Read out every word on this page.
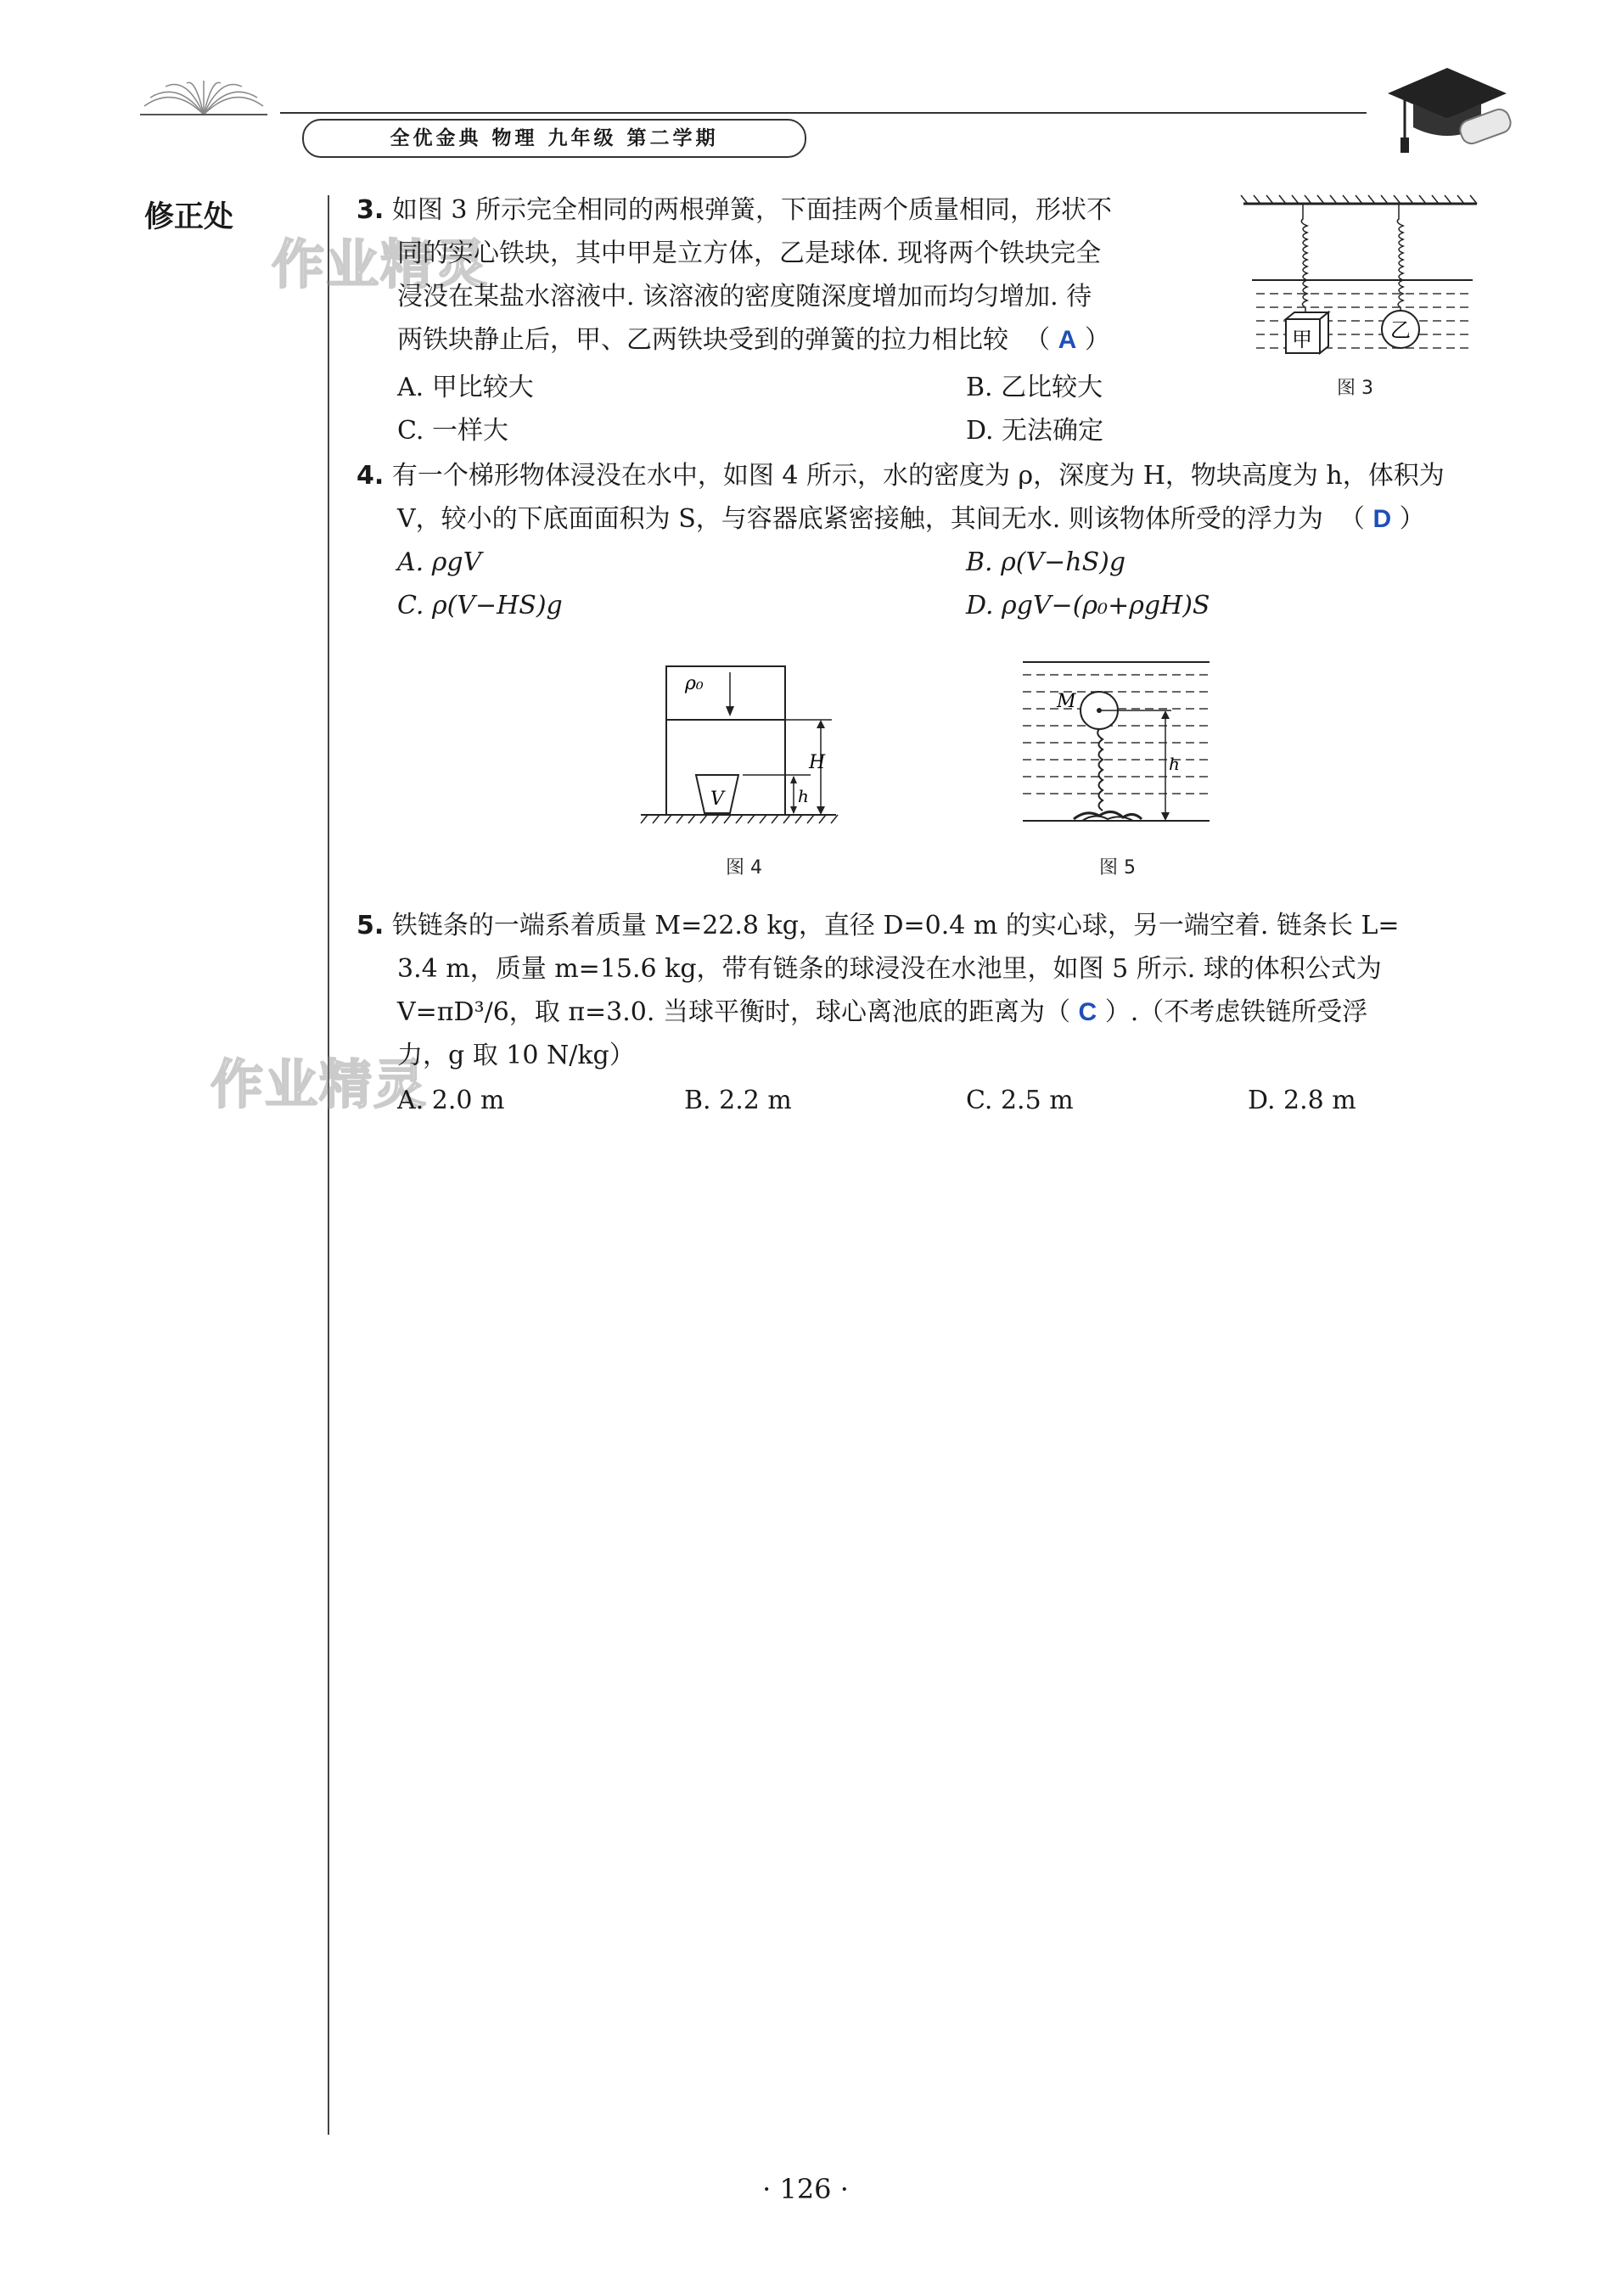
全优金典 物理 九年级 第二学期
修正处
作业精灵
作业精灵
3. 如图 3 所示完全相同的两根弹簧，下面挂两个质量相同，形状不
同的实心铁块，其中甲是立方体，乙是球体. 现将两个铁块完全
浸没在某盐水溶液中. 该溶液的密度随深度增加而均匀增加. 待
两铁块静止后，甲、乙两铁块受到的弹簧的拉力相比较  （ A ）
A. 甲比较大	B. 乙比较大
C. 一样大	D. 无法确定
甲	乙
图 3
4. 有一个梯形物体浸没在水中，如图 4 所示，水的密度为 ρ，深度为 H，物块高度为 h，体积为
V，较小的下底面面积为 S，与容器底紧密接触，其间无水. 则该物体所受的浮力为  （ D ）
A. ρgV	B. ρ(V−hS)g
C. ρ(V−HS)g	D. ρgV−(ρ₀+ρgH)S
ρ₀
V
H
h
图 4
M
h
图 5
5. 铁链条的一端系着质量 M=22.8 kg，直径 D=0.4 m 的实心球，另一端空着. 链条长 L=
3.4 m，质量 m=15.6 kg，带有链条的球浸没在水池里，如图 5 所示. 球的体积公式为
V=πD³/6，取 π=3.0. 当球平衡时，球心离池底的距离为（ C ）.（不考虑铁链所受浮
力，g 取 10 N/kg）
A. 2.0 m	B. 2.2 m	C. 2.5 m	D. 2.8 m
· 126 ·
